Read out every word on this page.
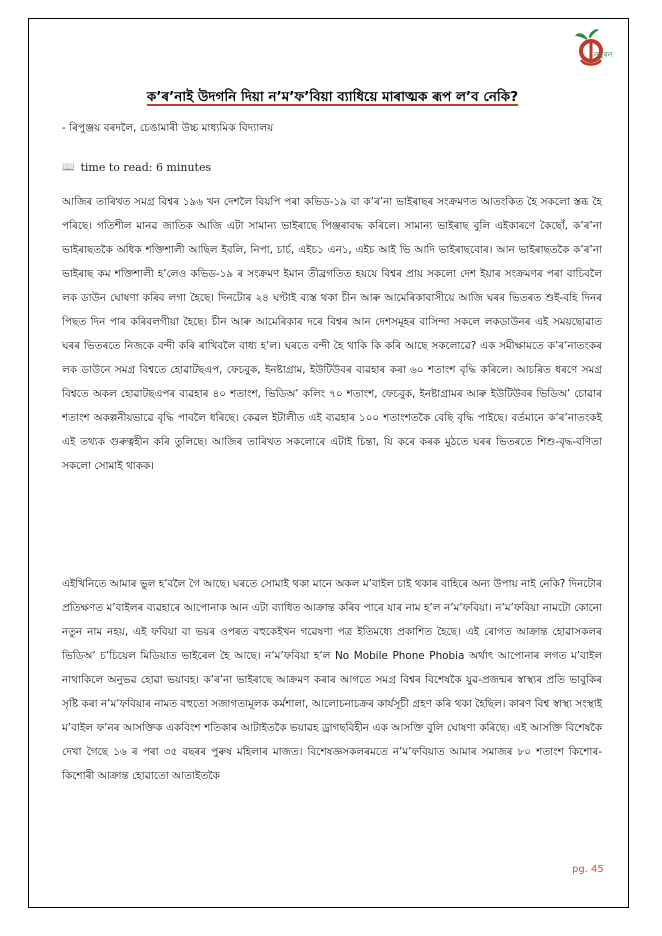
নুবুৰন
ক’ৰ’নাই উদগনি দিয়া ন’ম’ফ’বিয়া ব্যাধিয়ে মাৰাত্মক ৰূপ ল’ব নেকি?
- ৰিপুঞ্জয় বৰদলৈ, চেঙামাৰী উচ্চ মাধ্যমিক বিদ্যালয়
📖 time to read: 6 minutes

আজিৰ তাৰিখত সমগ্ৰ বিশ্বৰ ১৯৬ খন দেশলৈ বিয়পি পৰা কভিড-১৯ বা ক’ৰ’না ভাইৰাছৰ সংক্ৰমণত আতংকিত হৈ সকলো স্তব্ধ হৈ পৰিছে। গতিশীল মানৱ জাতিক আজি এটা সামান্য ভাইৰাছে পিঞ্জৰাবদ্ধ কৰিলে। সামান্য ভাইৰাছ বুলি এইকাৰণে কৈছোঁ, ক’ৰ’না ভাইৰাছতকৈ অধিক শক্তিশালী আছিল ইবলি, নিপা, চাৰ্চ, এইচ১ এন১, এইচ আই ভি আদি ভাইৰাছবোৰ। আন ভাইৰাছতকৈ ক’ৰ’না ভাইৰাছ কম শক্তিশালী হ’লেও কভিড-১৯ ৰ সংক্ৰমণ ইমান তীব্ৰগতিত হয়যে বিশ্বৰ প্ৰায় সকলো দেশ ইয়াৰ সংক্ৰমণৰ পৰা বাচিবলৈ লক ডাউন ঘোষণা কৰিব লগা হৈছে। দিনটোৰ ২৪ ঘণ্টাই ব্যস্ত থকা চীন আৰু আমেৰিকাবাসীয়ে আজি ঘৰৰ ভিতৰত শুই-বহি দিনৰ পিছত দিন পাৰ কৰিবলগীয়া হৈছে। চীন আৰু আমেৰিকাৰ দৰে বিশ্বৰ আন দেশসমূহৰ বাসিন্দা সকলে লকডাউনৰ এই সময়ছোৱাত ঘৰৰ ভিতৰতে নিজকে বন্দী কৰি ৰাখিবলৈ বাধ্য হ’ল। ঘৰতে বন্দী হৈ থাকি কি কৰি আছে সকলোৱে? এক সমীক্ষামতে ক’ৰ’নাতংকৰ লক ডাউনে সমগ্ৰ বিশ্বতে হোৱাটছএপ, ফেচবুক, ইনষ্টাগ্ৰাম, ইউটিউবৰ ব্যৱহাৰ কৰা ৬০ শতাংশ বৃদ্ধি কৰিলে। আচৰিত ধৰণে সমগ্ৰ বিশ্বতে অকল হোৱাটছএপৰ ব্যৱহাৰ ৪০ শতাংশ, ভিডিঅ’ কলিং ৭০ শতাংশ, ফেচবুক, ইনষ্টাগ্ৰামৰ আৰু ইউটিউবৰ ভিডিঅ’ চোৱাৰ শতাংশ অকল্পনীয়ভাৱে বৃদ্ধি পাবলৈ ধৰিছে। কেৱল ইটালীত এই ব্যৱহাৰ ১০০ শতাংশতকৈ বেছি বৃদ্ধি পাইছে। বৰ্তমানে ক’ৰ’নাতংকই এই তথ্যক গুৰুত্বহীন কৰি তুলিছে। আজিৰ তাৰিখত সকলোৰে এটাই চিন্তা, যি কৰে কৰক মুঠতে ঘৰৰ ভিতৰতে শিশু-বৃদ্ধ-বণিতা সকলো সোমাই থাকক।

এইখিনিতে আমাৰ ভুল হ’বলৈ গৈ আছে। ঘৰতে সোমাই থকা মানে অকল ম’বাইল চাই থকাৰ বাহিৰে অন্য উপায় নাই নেকি? দিনটোৰ প্ৰতিক্ষণত ম’বাইলৰ ব্যৱহাৰে আপোনাক আন এটা ব্যাধিত আক্ৰান্ত কৰিব পাৰে যাৰ নাম হ’ল ন’ম’ফবিয়া। ন’ম’ফবিয়া নামটো কোনো নতুন নাম নহয়, এই ফবিয়া বা ভয়ৰ ওপৰত বহুকেইখন গৱেষণা পত্ৰ ইতিমধ্যে প্ৰকাশিত হৈছে। এই ৰোগত আক্ৰান্ত হোৱাসকলৰ ভিডিঅ’ চ’চিয়েল মিডিয়াত ভাইৰেল হৈ আছে। ন’ম’ফবিয়া হ’ল No Mobile Phone Phobia অৰ্থাৎ আপোনাৰ লগত ম’বাইল নাথাকিলে অনুভৱ হোৱা ভয়াবহ। ক’ৰ’না ভাইৰাছে আক্ৰমণ কৰাৰ আগতে সমগ্ৰ বিশ্বৰ বিশেষকৈ যুৱ-প্ৰজন্মৰ স্বাস্থ্যৰ প্ৰতি ভাবুকিৰ সৃষ্টি কৰা ন’ম’ফবিয়াৰ নামত বহুতো সজাগতামূলক কৰ্মশালা, আলোচনাচক্ৰৰ কাৰ্যসূচী গ্ৰহণ কৰি থকা হৈছিল। কাৰণ বিশ্ব স্বাস্থ্য সংস্থাই ম’বাইল ফ’নৰ আসক্তিক একবিংশ শতিকাৰ আটাইতকৈ ভয়াৱহ ড্ৰাগছবিহীন এক আসক্তি বুলি ঘোষণা কৰিছে। এই আসক্তি বিশেষকৈ দেখা গৈছে ১৬ ৰ পৰা ৩৫ বছৰৰ পুৰুষ মহিলাৰ মাজত। বিশেষজ্ঞসকলৰমতে ন’ম’ফবিয়াত আমাৰ সমাজৰ ৮০ শতাংশ কিশোৰ-কিশোৰী আক্ৰান্ত হোৱাতো আতাইতকৈ

pg. 45
